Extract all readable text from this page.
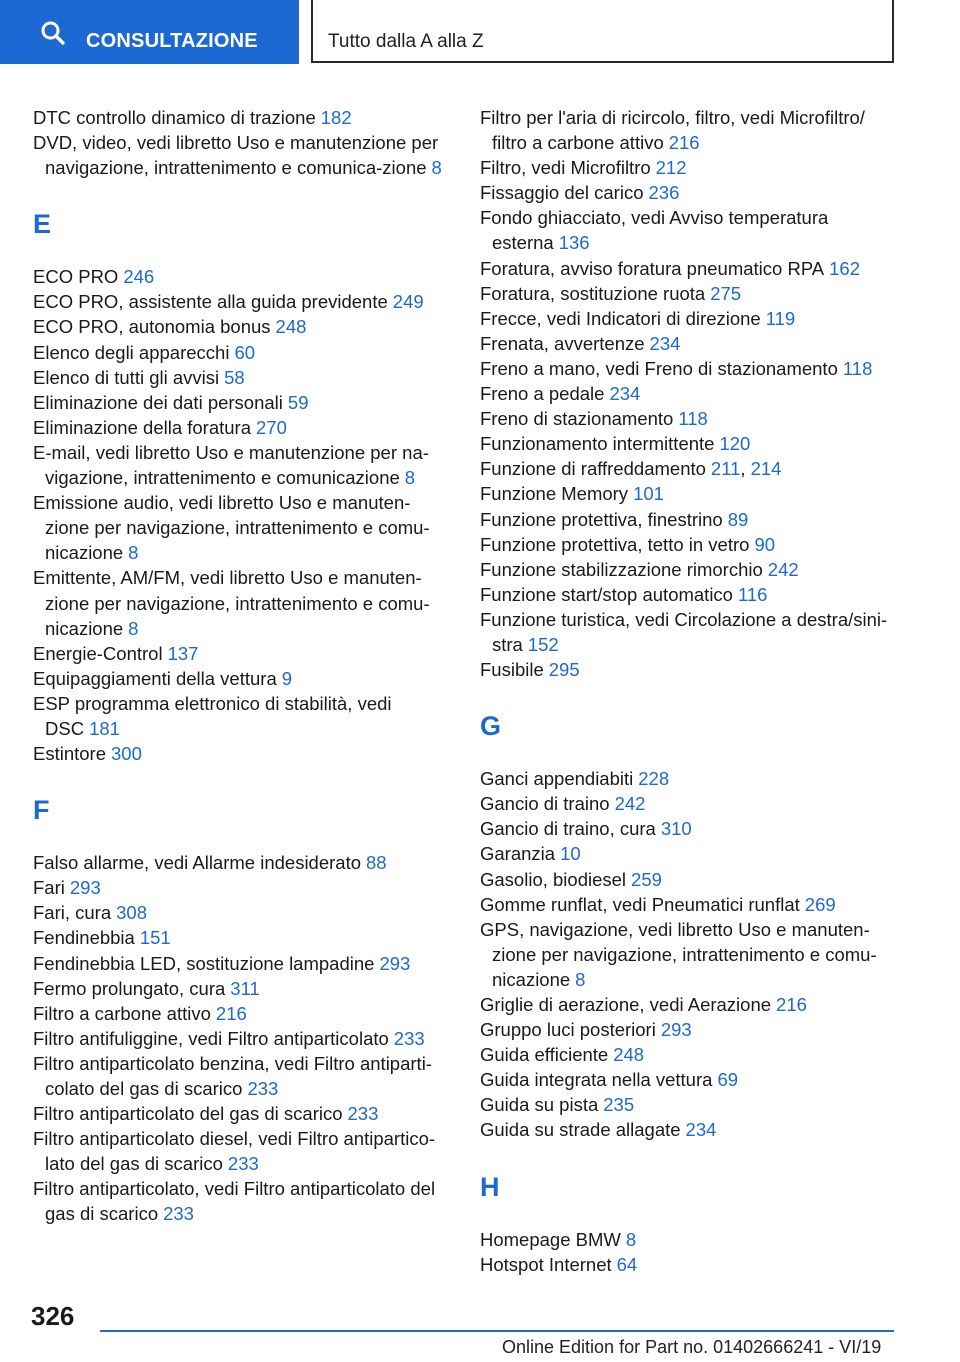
CONSULTAZIONE	Tutto dalla A alla Z

DTC controllo dinamico di trazione 182

DVD, video, vedi libretto Uso e manutenzione per navigazione, intrattenimento e comunica-zione 8

E

ECO PRO 246

ECO PRO, assistente alla guida previdente 249

ECO PRO, autonomia bonus 248

Elenco degli apparecchi 60

Elenco di tutti gli avvisi 58

Eliminazione dei dati personali 59

Eliminazione della foratura 270

E-mail, vedi libretto Uso e manutenzione per na-vigazione, intrattenimento e comunicazione 8

Emissione audio, vedi libretto Uso e manuten-zione per navigazione, intrattenimento e comu-nicazione 8

Emittente, AM/FM, vedi libretto Uso e manuten-zione per navigazione, intrattenimento e comu-nicazione 8

Energie-Control 137

Equipaggiamenti della vettura 9

ESP programma elettronico di stabilità, vedi DSC 181

Estintore 300

F

Falso allarme, vedi Allarme indesiderato 88

Fari 293

Fari, cura 308

Fendinebbia 151

Fendinebbia LED, sostituzione lampadine 293

Fermo prolungato, cura 311

Filtro a carbone attivo 216

Filtro antifuliggine, vedi Filtro antiparticolato 233

Filtro antiparticolato benzina, vedi Filtro antiparti-colato del gas di scarico 233

Filtro antiparticolato del gas di scarico 233

Filtro antiparticolato diesel, vedi Filtro antipartico-lato del gas di scarico 233

Filtro antiparticolato, vedi Filtro antiparticolato del gas di scarico 233

Filtro per l'aria di ricircolo, filtro, vedi Microfiltro/ filtro a carbone attivo 216

Filtro, vedi Microfiltro 212

Fissaggio del carico 236

Fondo ghiacciato, vedi Avviso temperatura esterna 136

Foratura, avviso foratura pneumatico RPA 162

Foratura, sostituzione ruota 275

Frecce, vedi Indicatori di direzione 119

Frenata, avvertenze 234

Freno a mano, vedi Freno di stazionamento 118

Freno a pedale 234

Freno di stazionamento 118

Funzionamento intermittente 120

Funzione di raffreddamento 211, 214

Funzione Memory 101

Funzione protettiva, finestrino 89

Funzione protettiva, tetto in vetro 90

Funzione stabilizzazione rimorchio 242

Funzione start/stop automatico 116

Funzione turistica, vedi Circolazione a destra/sini-stra 152

Fusibile 295

G

Ganci appendiabiti 228

Gancio di traino 242

Gancio di traino, cura 310

Garanzia 10

Gasolio, biodiesel 259

Gomme runflat, vedi Pneumatici runflat 269

GPS, navigazione, vedi libretto Uso e manuten-zione per navigazione, intrattenimento e comu-nicazione 8

Griglie di aerazione, vedi Aerazione 216

Gruppo luci posteriori 293

Guida efficiente 248

Guida integrata nella vettura 69

Guida su pista 235

Guida su strade allagate 234

H

Homepage BMW 8

Hotspot Internet 64

326
Online Edition for Part no. 01402666241 - VI/19
